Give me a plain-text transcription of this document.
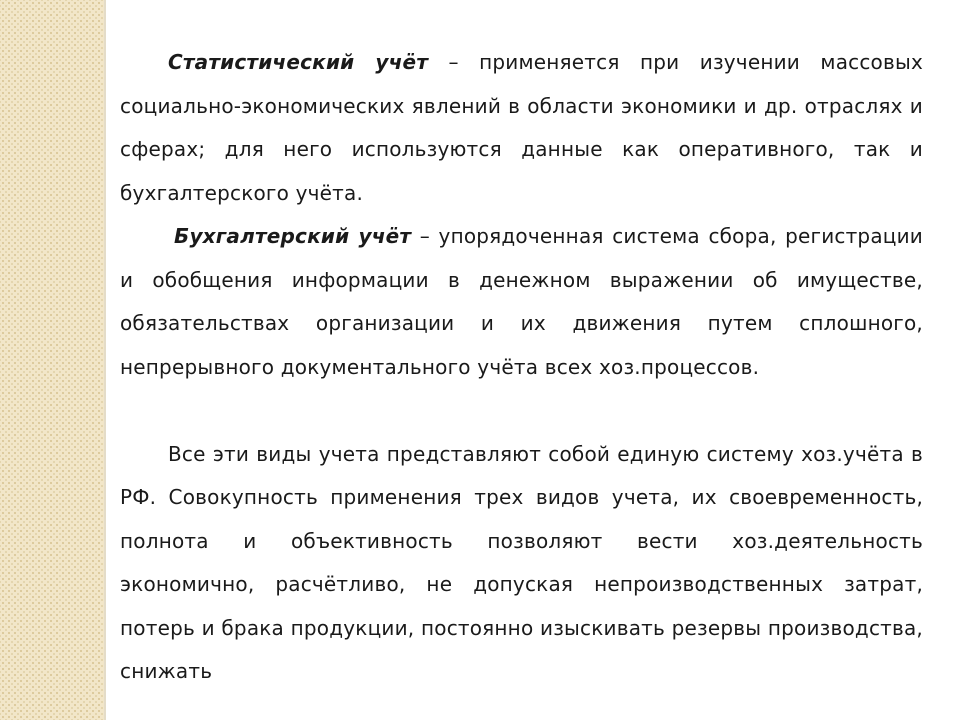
Статистический учёт – применяется при изучении массовых социально-экономических явлений в области экономики и др. отраслях и сферах; для него используются данные как оперативного, так и бухгалтерского учёта.

Бухгалтерский учёт – упорядоченная система сбора, регистрации и обобщения информации в денежном выражении об имуществе, обязательствах организации и их движения путем сплошного, непрерывного документального учёта всех хоз.процессов.

Все эти виды учета представляют собой единую систему хоз.учёта в РФ. Совокупность применения трех видов учета, их своевременность, полнота и объективность позволяют вести хоз.деятельность экономично, расчётливо, не допуская непроизводственных затрат, потерь и брака продукции, постоянно изыскивать резервы производства, снижать
